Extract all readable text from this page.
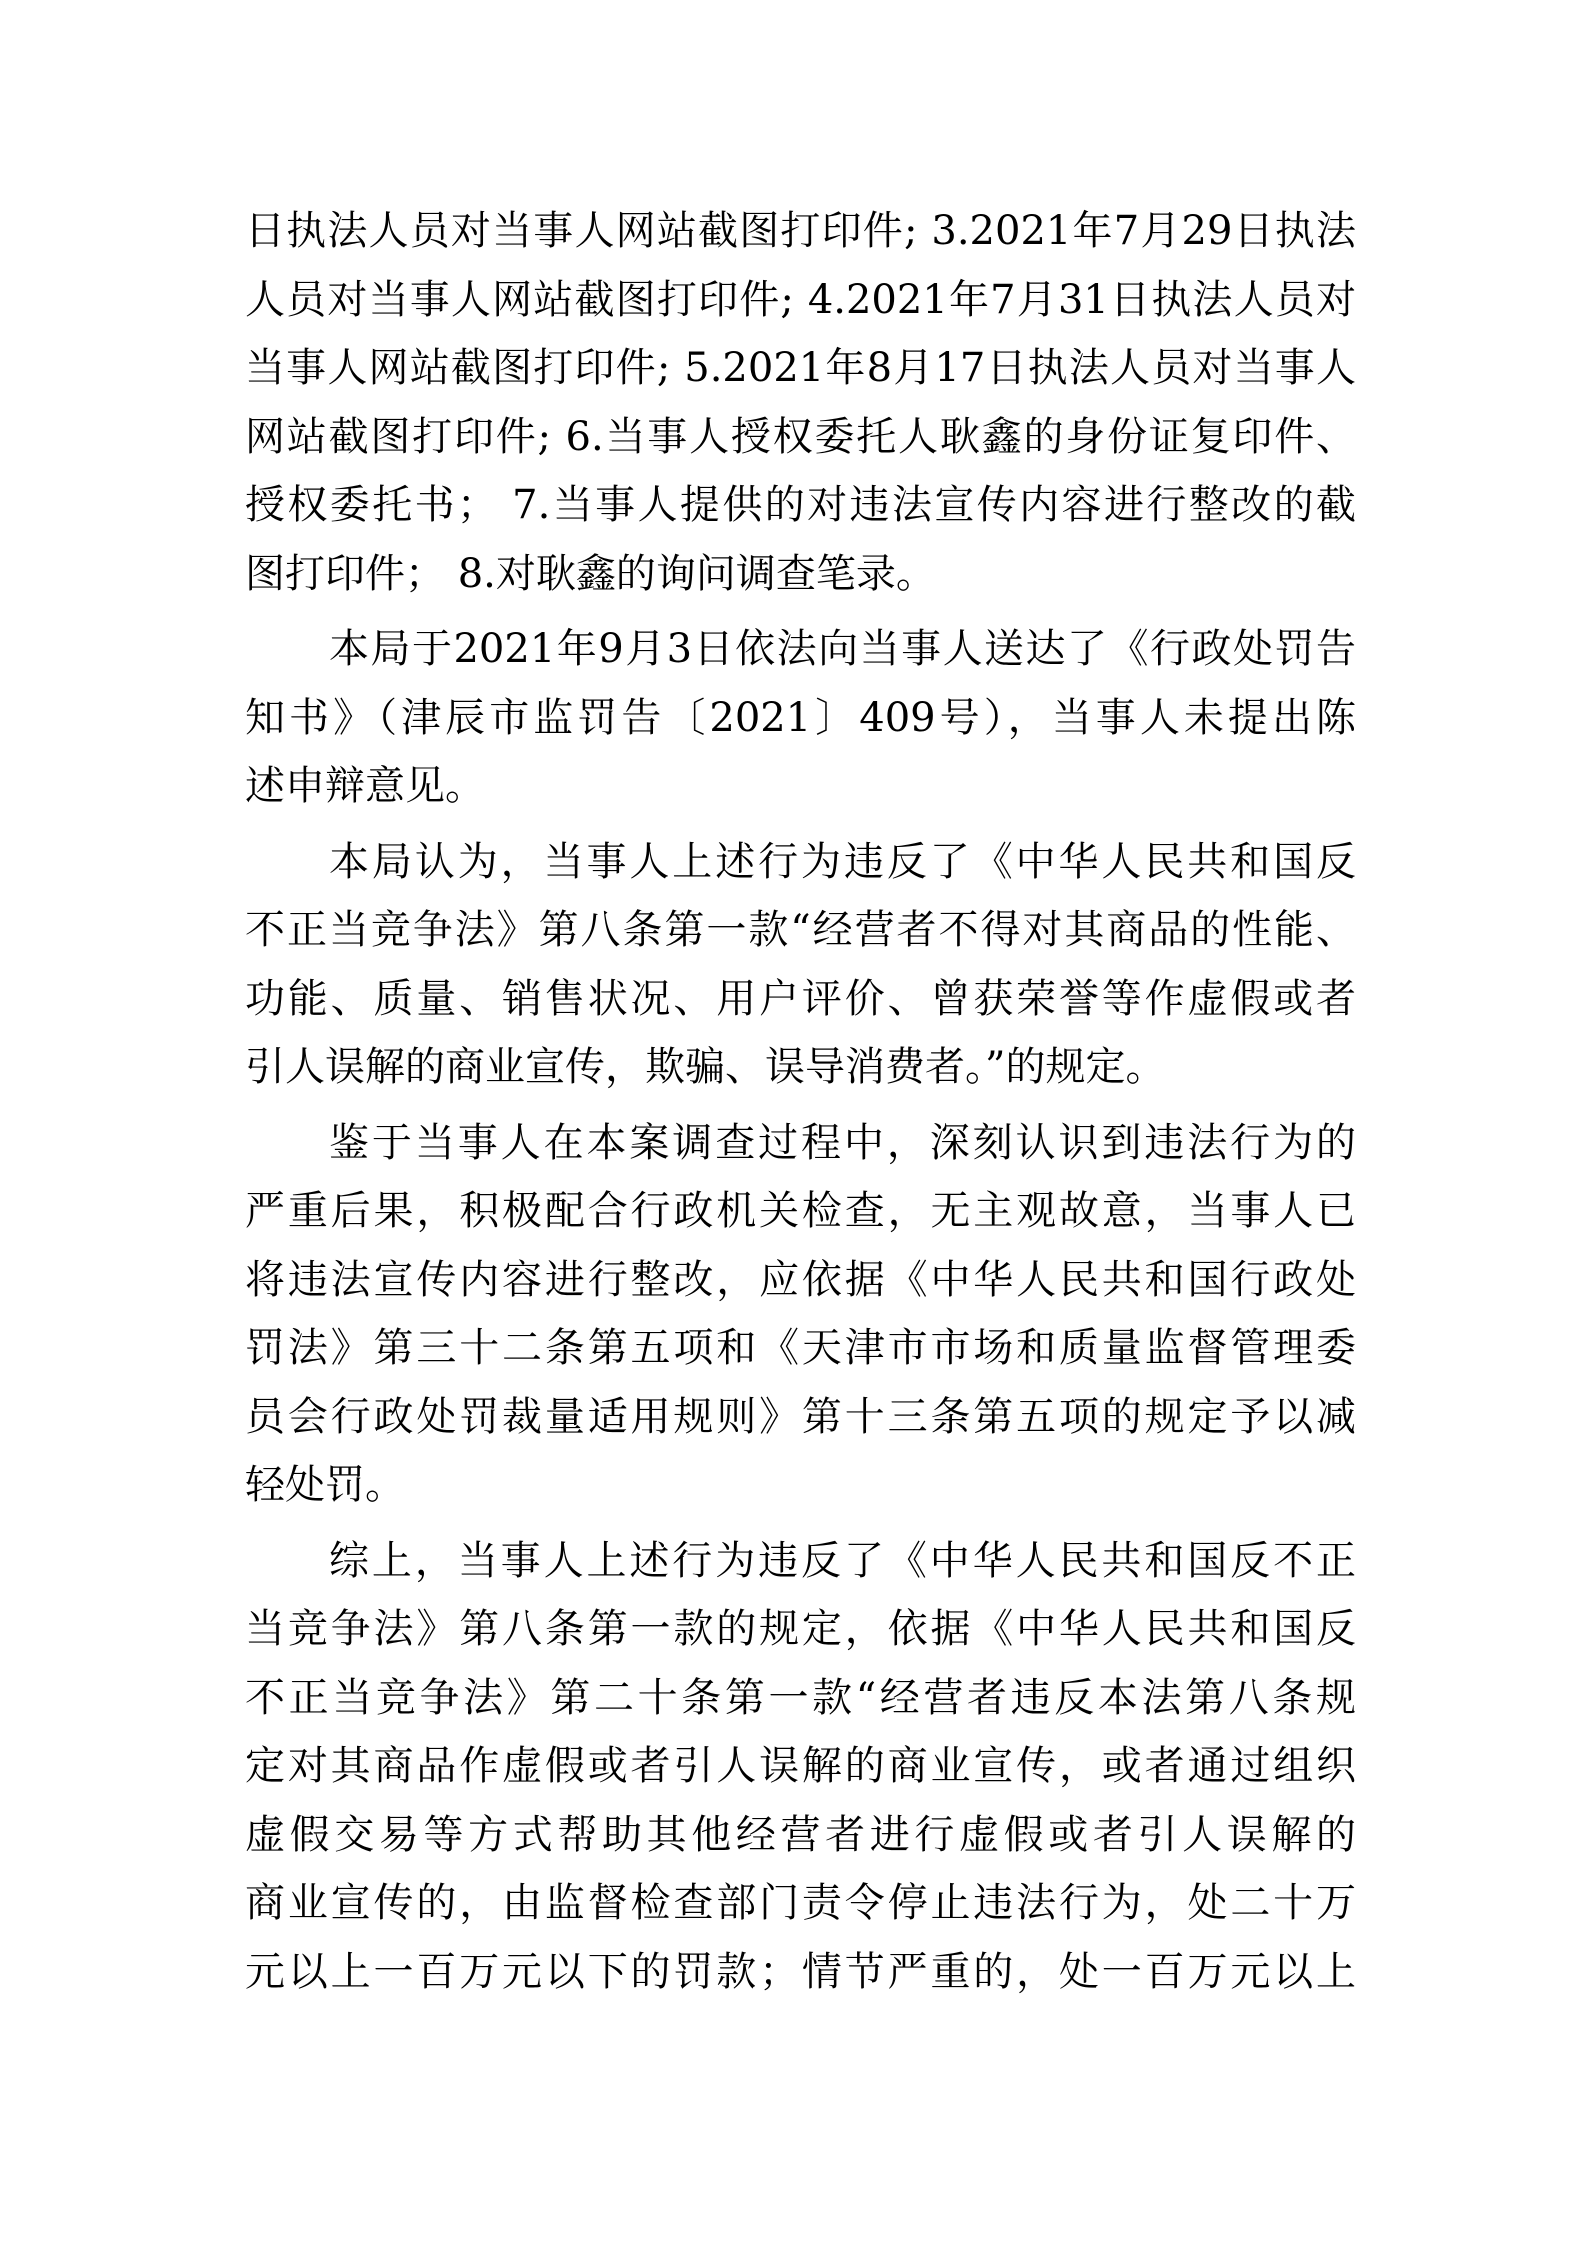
日执法人员对当事人网站截图打印件; 3.2021年7月29日执法
人员对当事人网站截图打印件; 4.2021年7月31日执法人员对
当事人网站截图打印件; 5.2021年8月17日执法人员对当事人
网站截图打印件; 6.当事人授权委托人耿鑫的身份证复印件、
授权委托书； 7.当事人提供的对违法宣传内容进行整改的截
图打印件； 8.对耿鑫的询问调查笔录。
本局于2021年9月3日依法向当事人送达了《行政处罚告
知书》（津辰市监罚告〔2021〕409号），当事人未提出陈
述申辩意见。
本局认为，当事人上述行为违反了《中华人民共和国反
不正当竞争法》第八条第一款“经营者不得对其商品的性能、
功能、质量、销售状况、用户评价、曾获荣誉等作虚假或者
引人误解的商业宣传，欺骗、误导消费者。”的规定。
鉴于当事人在本案调查过程中，深刻认识到违法行为的
严重后果，积极配合行政机关检查，无主观故意，当事人已
将违法宣传内容进行整改，应依据《中华人民共和国行政处
罚法》第三十二条第五项和《天津市市场和质量监督管理委
员会行政处罚裁量适用规则》第十三条第五项的规定予以减
轻处罚。
综上，当事人上述行为违反了《中华人民共和国反不正
当竞争法》第八条第一款的规定，依据《中华人民共和国反
不正当竞争法》第二十条第一款“经营者违反本法第八条规
定对其商品作虚假或者引人误解的商业宣传，或者通过组织
虚假交易等方式帮助其他经营者进行虚假或者引人误解的
商业宣传的，由监督检查部门责令停止违法行为，处二十万
元以上一百万元以下的罚款；情节严重的，处一百万元以上
